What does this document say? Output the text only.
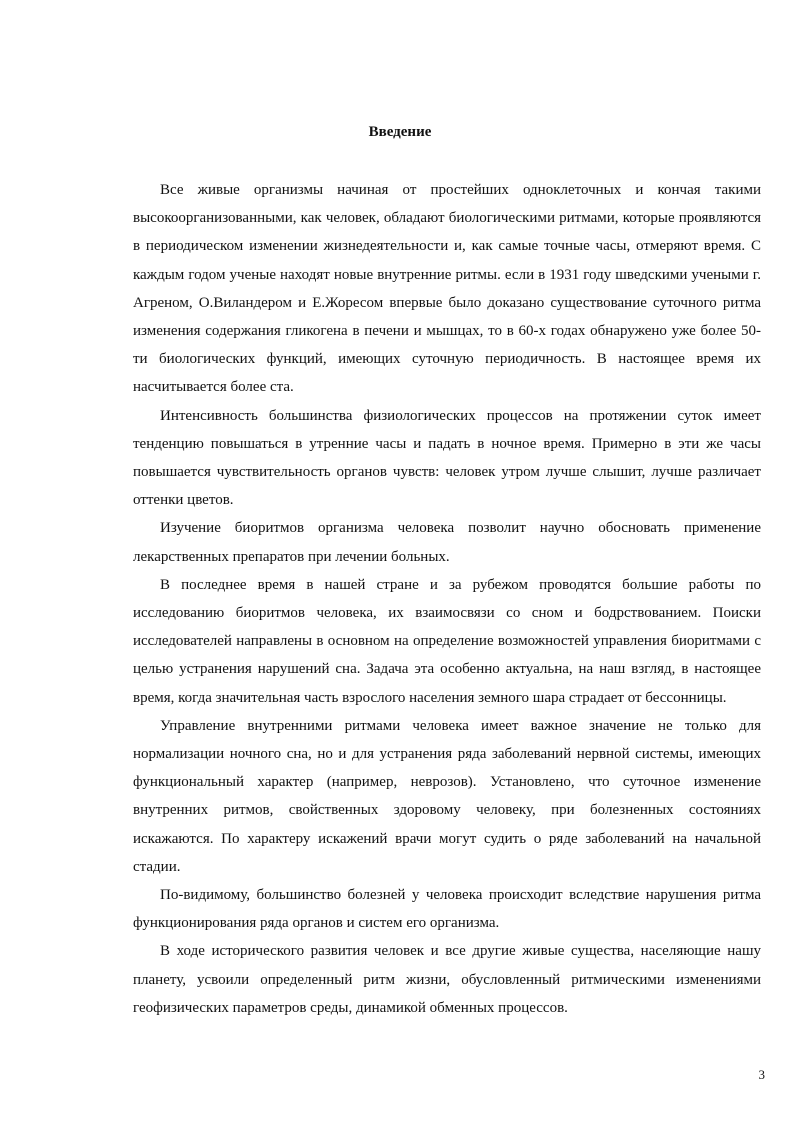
Введение

Все живые организмы начиная от простейших одноклеточных и кончая такими высокоорганизованными, как человек, обладают биологическими ритмами, которые проявляются в периодическом изменении жизнедеятельности и, как самые точные часы, отмеряют время. С каждым годом ученые находят новые внутренние ритмы. если в 1931 году шведскими учеными г. Агреном, О.Виландером и Е.Жоресом впервые было доказано существование суточного ритма изменения содержания гликогена в печени и мышцах, то в 60-х годах обнаружено уже более 50-ти биологических функций, имеющих суточную периодичность. В настоящее время их насчитывается более ста.

Интенсивность большинства физиологических процессов на протяжении суток имеет тенденцию повышаться в утренние часы и падать в ночное время. Примерно в эти же часы повышается чувствительность органов чувств: человек утром лучше слышит, лучше различает оттенки цветов.

Изучение биоритмов организма человека позволит научно обосновать применение лекарственных препаратов при лечении больных.

В последнее время в нашей стране и за рубежом проводятся большие работы по исследованию биоритмов человека, их взаимосвязи со сном и бодрствованием. Поиски исследователей направлены в основном на определение возможностей управления биоритмами с целью устранения нарушений сна. Задача эта особенно актуальна, на наш взгляд, в настоящее время, когда значительная часть взрослого населения земного шара страдает от бессонницы.

Управление внутренними ритмами человека имеет важное значение не только для нормализации ночного сна, но и для устранения ряда заболеваний нервной системы, имеющих функциональный характер (например, неврозов). Установлено, что суточное изменение внутренних ритмов, свойственных здоровому человеку, при болезненных состояниях искажаются. По характеру искажений врачи могут судить о ряде заболеваний на начальной стадии.

По-видимому, большинство болезней у человека происходит вследствие нарушения ритма функционирования ряда органов и систем его организма.

В ходе исторического развития человек и все другие живые существа, населяющие нашу планету, усвоили определенный ритм жизни, обусловленный ритмическими изменениями геофизических параметров среды, динамикой обменных процессов.

3
